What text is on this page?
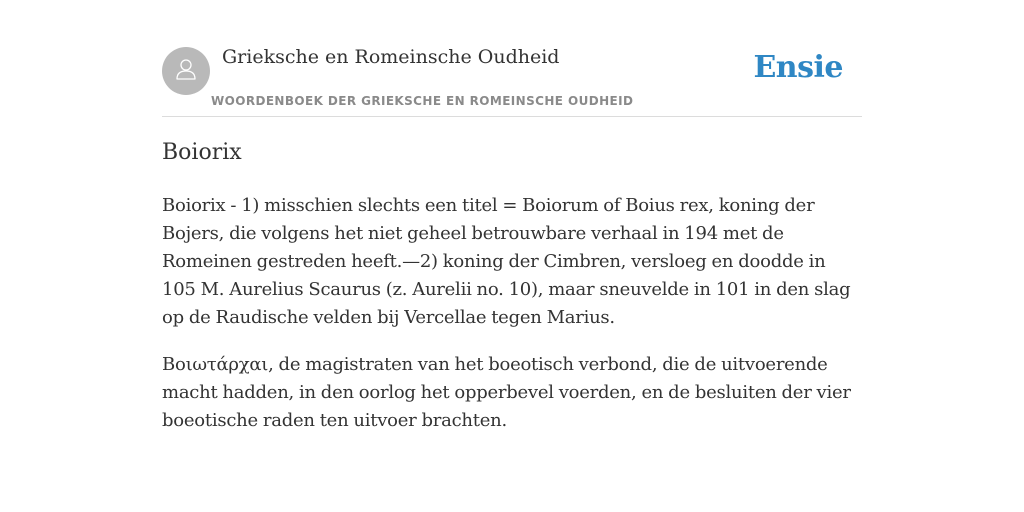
Grieksche en Romeinsche Oudheid
WOORDENBOEK DER GRIEKSCHE EN ROMEINSCHE OUDHEID
Ensie
Boiorix

Boiorix - 1) misschien slechts een titel = Boiorum of Boius rex, koning der Bojers, die volgens het niet geheel betrouwbare verhaal in 194 met de Romeinen gestreden heeft.—2) koning der Cimbren, versloeg en doodde in 105 M. Aurelius Scaurus (z. Aurelii no. 10), maar sneuvelde in 101 in den slag op de Raudische velden bij Vercellae tegen Marius.

Βοιωτάρχαι, de magistraten van het boeotisch verbond, die de uitvoerende macht hadden, in den oorlog het opperbevel voerden, en de besluiten der vier boeotische raden ten uitvoer brachten.
